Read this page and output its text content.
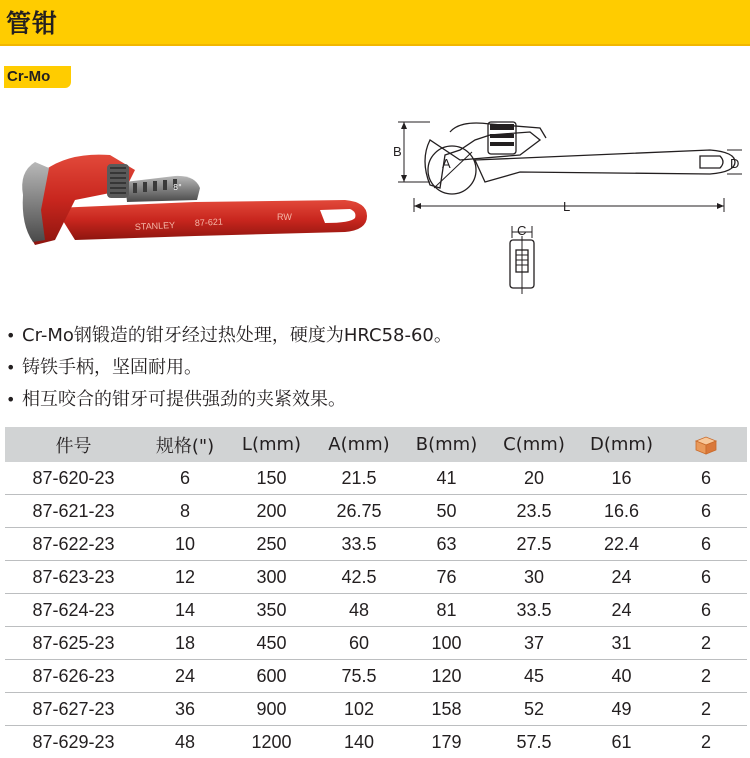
管钳
Cr-Mo
8"
STANLEY 87-621	RW
A
B
D
L
C
• Cr-Mo钢锻造的钳牙经过热处理，硬度为HRC58-60。
• 铸铁手柄，坚固耐用。
• 相互咬合的钳牙可提供强劲的夹紧效果。
件号	规格(")	L(mm)	A(mm)	B(mm)	C(mm)	D(mm)	
87-620-23	6	150	21.5	41	20	16	6
87-621-23	8	200	26.75	50	23.5	16.6	6
87-622-23	10	250	33.5	63	27.5	22.4	6
87-623-23	12	300	42.5	76	30	24	6
87-624-23	14	350	48	81	33.5	24	6
87-625-23	18	450	60	100	37	31	2
87-626-23	24	600	75.5	120	45	40	2
87-627-23	36	900	102	158	52	49	2
87-629-23	48	1200	140	179	57.5	61	2
